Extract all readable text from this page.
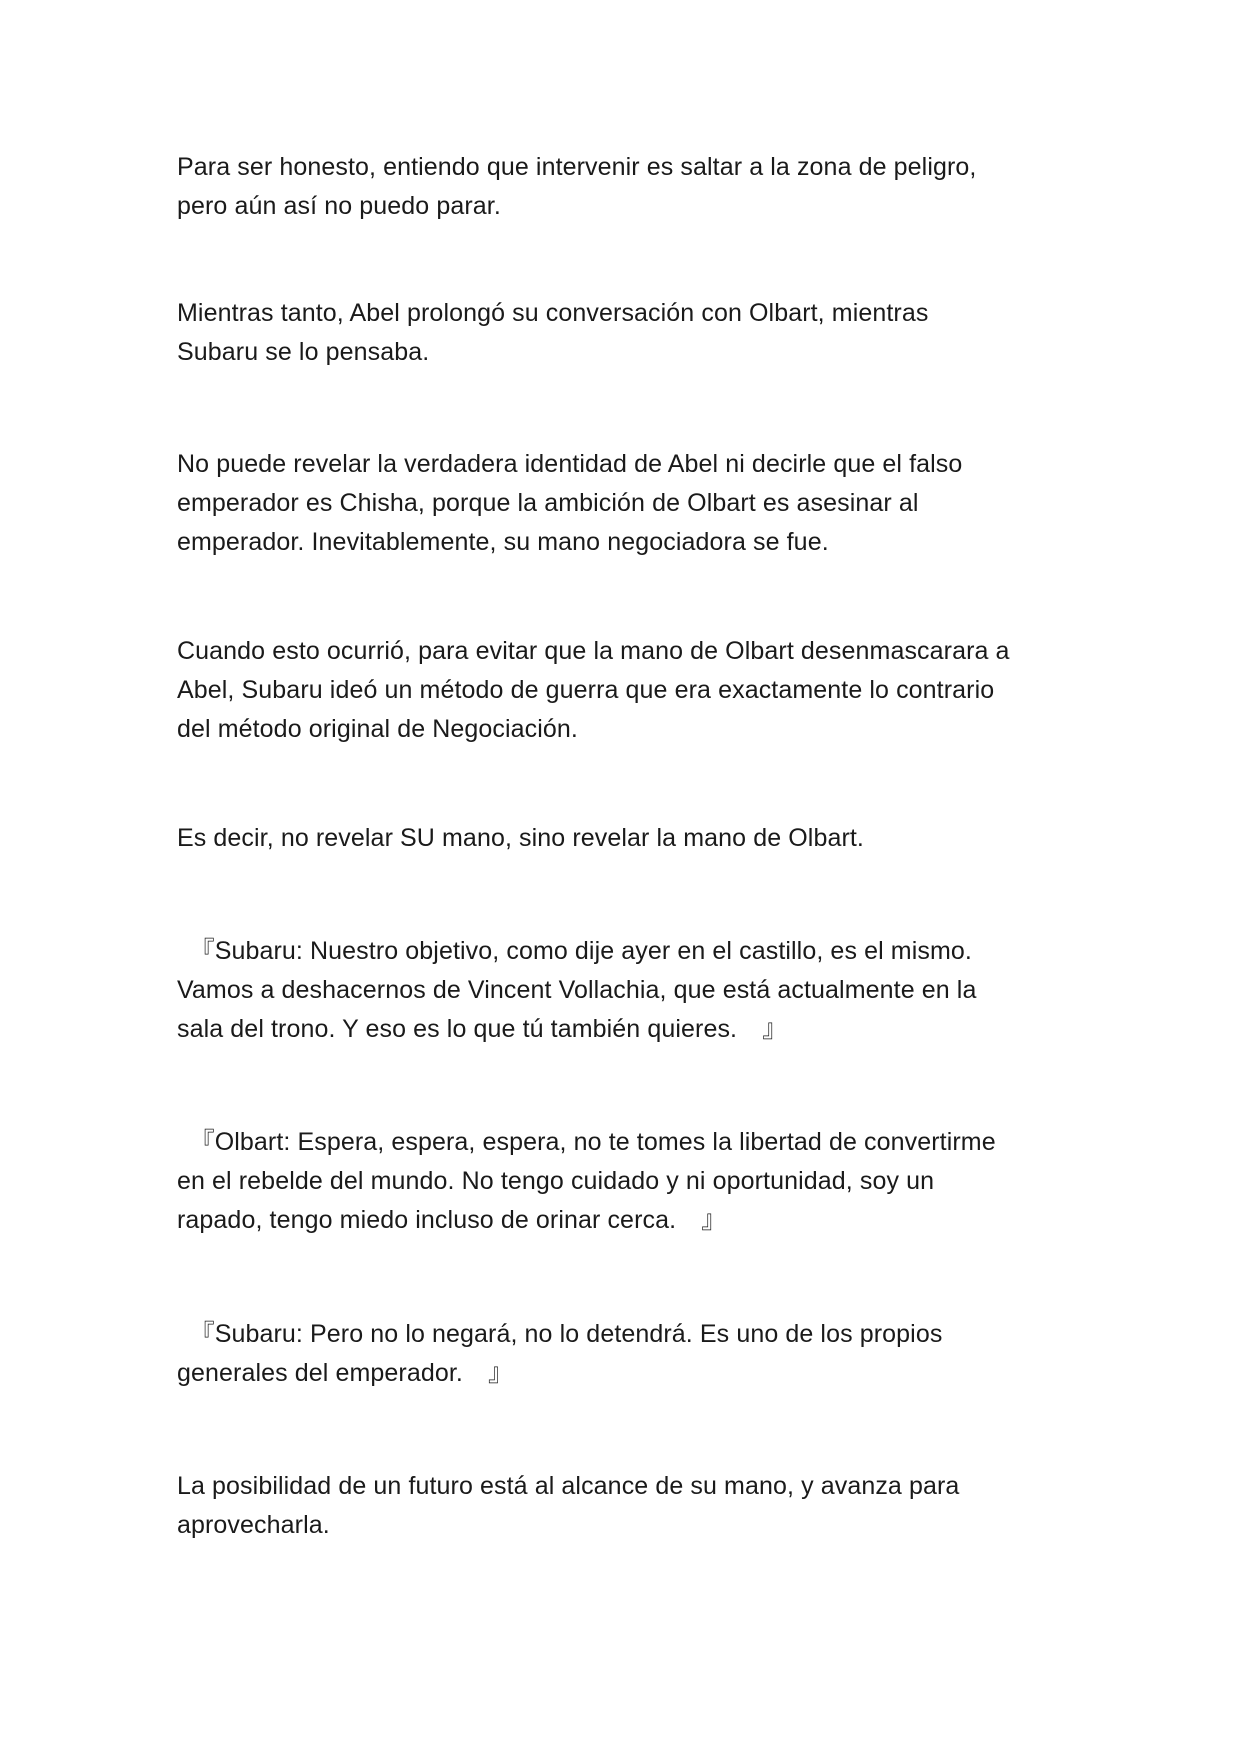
Para ser honesto, entiendo que intervenir es saltar a la zona de peligro,
pero aún así no puedo parar.

Mientras tanto, Abel prolongó su conversación con Olbart, mientras
Subaru se lo pensaba.

No puede revelar la verdadera identidad de Abel ni decirle que el falso
emperador es Chisha, porque la ambición de Olbart es asesinar al
emperador. Inevitablemente, su mano negociadora se fue.

Cuando esto ocurrió, para evitar que la mano de Olbart desenmascarara a
Abel, Subaru ideó un método de guerra que era exactamente lo contrario
del método original de Negociación.

Es decir, no revelar SU mano, sino revelar la mano de Olbart.

　『Subaru: Nuestro objetivo, como dije ayer en el castillo, es el mismo.
Vamos a deshacernos de Vincent Vollachia, que está actualmente en la
sala del trono. Y eso es lo que tú también quieres.　』

　『Olbart: Espera, espera, espera, no te tomes la libertad de convertirme
en el rebelde del mundo. No tengo cuidado y ni oportunidad, soy un
rapado, tengo miedo incluso de orinar cerca.　』

　『Subaru: Pero no lo negará, no lo detendrá. Es uno de los propios
generales del emperador.　』

La posibilidad de un futuro está al alcance de su mano, y avanza para
aprovecharla.
